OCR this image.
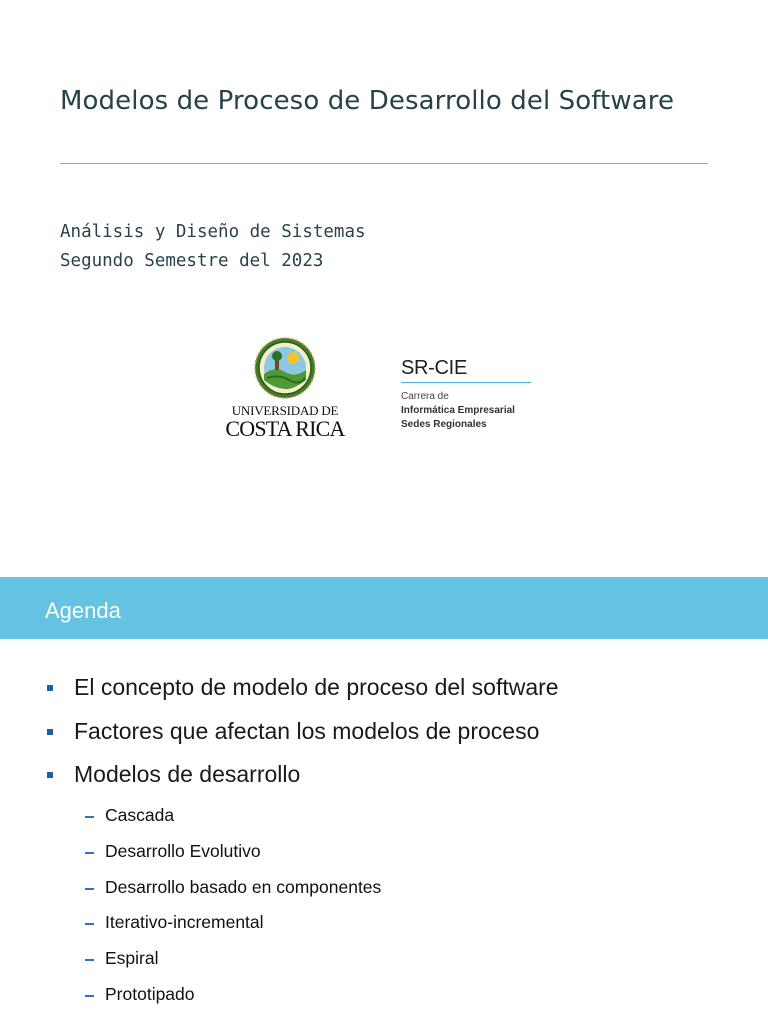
Modelos de Proceso de Desarrollo del Software
Análisis y Diseño de Sistemas
Segundo Semestre del 2023
UNIVERSIDAD DE
COSTA RICA
SR-CIE
Carrera de
Informática Empresarial
Sedes Regionales
Agenda
El concepto de modelo de proceso del software
Factores que afectan los modelos de proceso
Modelos de desarrollo
Cascada
Desarrollo Evolutivo
Desarrollo basado en componentes
Iterativo-incremental
Espiral
Prototipado
